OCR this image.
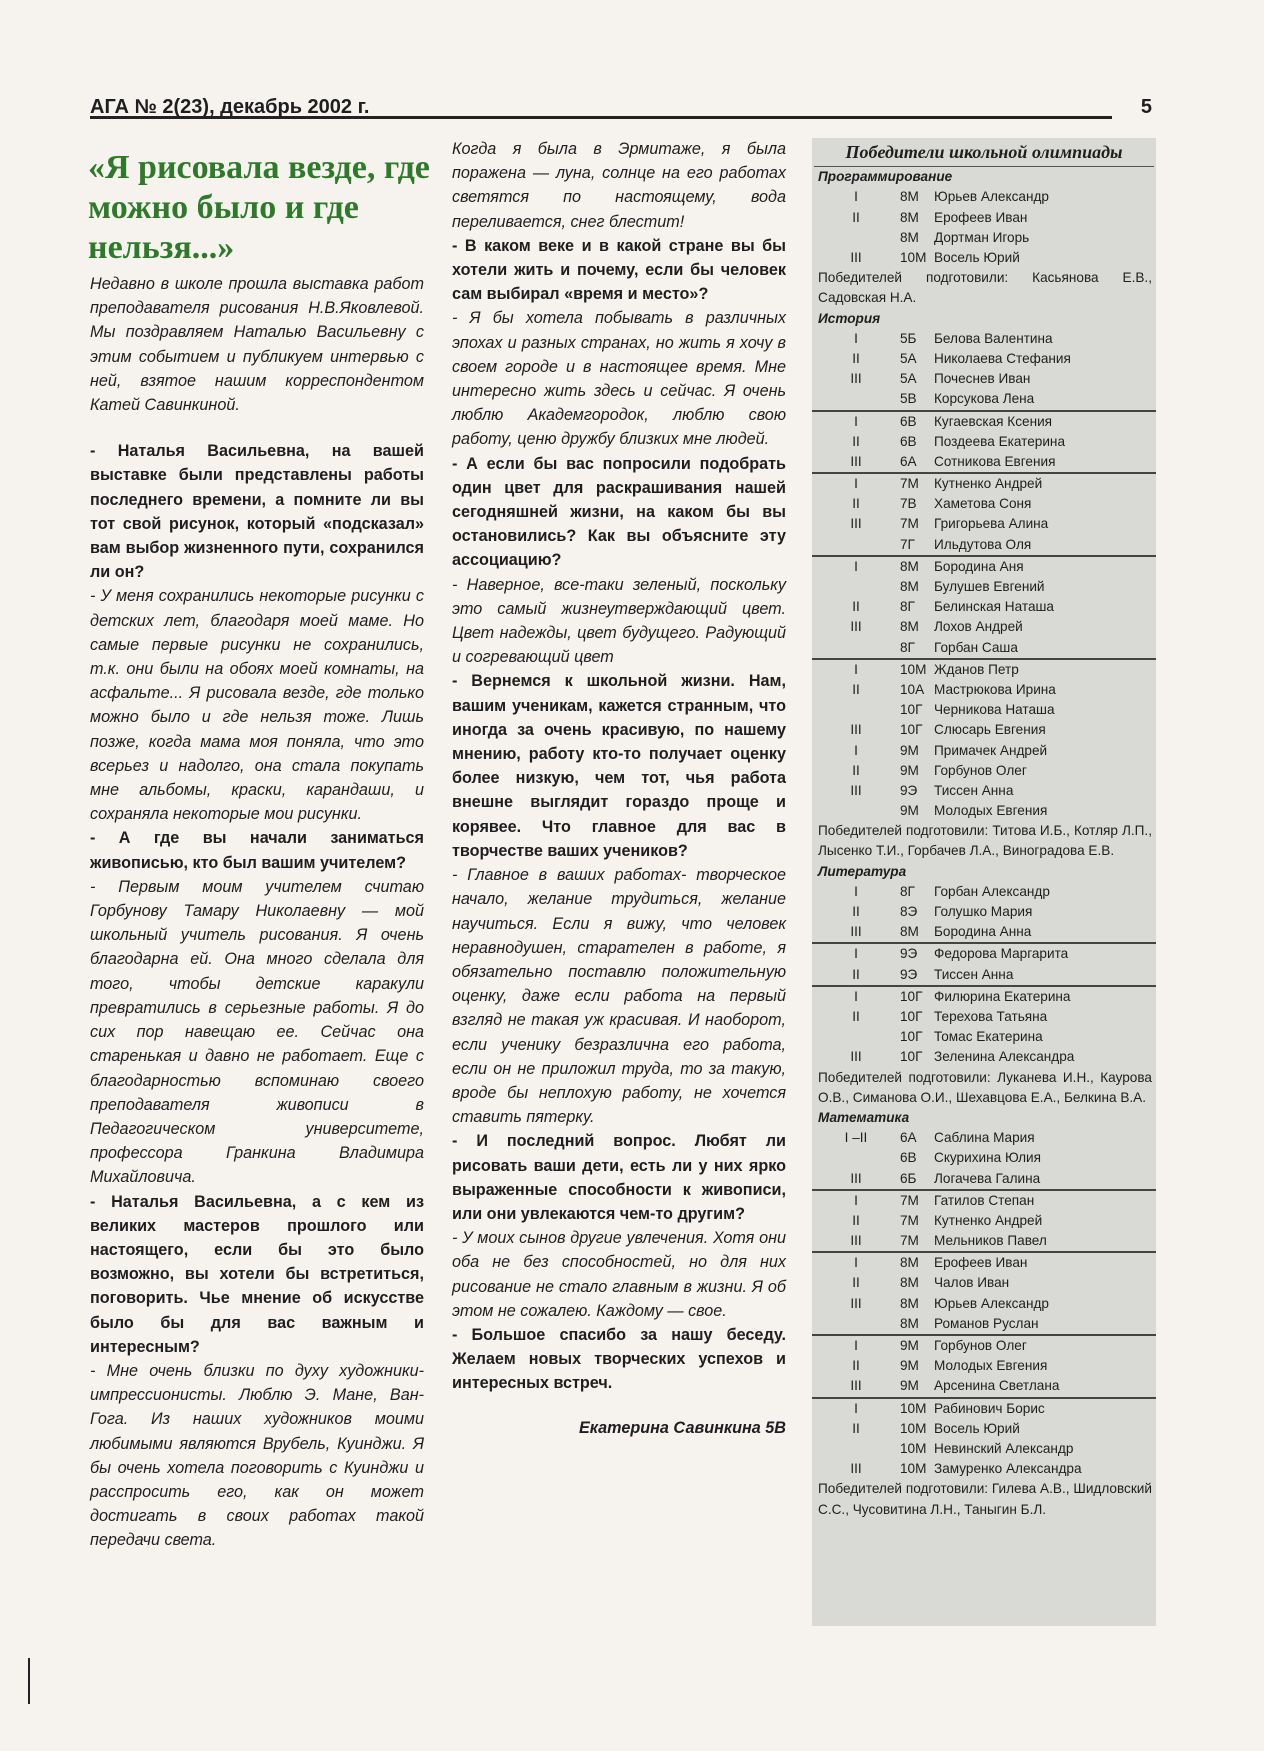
АГА № 2(23), декабрь 2002 г.	5
«Я рисовала везде, где можно было и где нельзя...»

Недавно в школе прошла выставка работ преподавателя рисования Н.В.Яковлевой. Мы поздравляем Наталью Васильевну с этим событием и публикуем интервью с ней, взятое нашим корреспондентом Катей Савинкиной.

- Наталья Васильевна, на вашей выставке были представлены работы последнего времени, а помните ли вы тот свой рисунок, который «подсказал» вам выбор жизненного пути, сохранился ли он?

- У меня сохранились некоторые рисунки с детских лет, благодаря моей маме. Но самые первые рисунки не сохранились, т.к. они были на обоях моей комнаты, на асфальте... Я рисовала везде, где только можно было и где нельзя тоже. Лишь позже, когда мама моя поняла, что это всерьез и надолго, она стала покупать мне альбомы, краски, карандаши, и сохраняла некоторые мои рисунки.

- А где вы начали заниматься живописью, кто был вашим учителем?

- Первым моим учителем считаю Горбунову Тамару Николаевну — мой школьный учитель рисования. Я очень благодарна ей. Она много сделала для того, чтобы детские каракули превратились в серьезные работы. Я до сих пор навещаю ее. Сейчас она старенькая и давно не работает. Еще с благодарностью вспоминаю своего преподавателя живописи в Педагогическом университете, профессора Гранкина Владимира Михайловича.

- Наталья Васильевна, а с кем из великих мастеров прошлого или настоящего, если бы это было возможно, вы хотели бы встретиться, поговорить. Чье мнение об искусстве было бы для вас важным и интересным?

- Мне очень близки по духу художники-импрессионисты. Люблю Э. Мане, Ван-Гога. Из наших художников моими любимыми являются Врубель, Куинджи. Я бы очень хотела поговорить с Куинджи и расспросить его, как он может достигать в своих работах такой передачи света.

Когда я была в Эрмитаже, я была поражена — луна, солнце на его работах светятся по настоящему, вода переливается, снег блестит!

- В каком веке и в какой стране вы бы хотели жить и почему, если бы человек сам выбирал «время и место»?

- Я бы хотела побывать в различных эпохах и разных странах, но жить я хочу в своем городе и в настоящее время. Мне интересно жить здесь и сейчас. Я очень люблю Академгородок, люблю свою работу, ценю дружбу близких мне людей.

- А если бы вас попросили подобрать один цвет для раскрашивания нашей сегодняшней жизни, на каком бы вы остановились? Как вы объясните эту ассоциацию?

- Наверное, все-таки зеленый, поскольку это самый жизнеутверждающий цвет. Цвет надежды, цвет будущего. Радующий и согревающий цвет

- Вернемся к школьной жизни. Нам, вашим ученикам, кажется странным, что иногда за очень красивую, по нашему мнению, работу кто-то получает оценку более низкую, чем тот, чья работа внешне выглядит гораздо проще и корявее. Что главное для вас в творчестве ваших учеников?

- Главное в ваших работах- творческое начало, желание трудиться, желание научиться. Если я вижу, что человек неравнодушен, старателен в работе, я обязательно поставлю положительную оценку, даже если работа на первый взгляд не такая уж красивая. И наоборот, если ученику безразлична его работа, если он не приложил труда, то за такую, вроде бы неплохую работу, не хочется ставить пятерку.

- И последний вопрос. Любят ли рисовать ваши дети, есть ли у них ярко выраженные способности к живописи, или они увлекаются чем-то другим?

- У моих сынов другие увлечения. Хотя они оба не без способностей, но для них рисование не стало главным в жизни. Я об этом не сожалею. Каждому — свое.

- Большое спасибо за нашу беседу. Желаем новых творческих успехов и интересных встреч.

Екатерина Савинкина 5В

Победители школьной олимпиады
Программирование
I	8М	Юрьев Александр
II	8М	Ерофеев Иван
8М	Дортман Игорь
III	10М Восель Юрий
Победителей подготовили: Касьянова Е.В., Садовская Н.А.
История
I	5Б	Белова Валентина
II	5А	Николаева Стефания
III	5А	Почеснев Иван
5В	Корсукова Лена
I	6В	Кугаевская Ксения
II	6В	Поздеева Екатерина
III	6А	Сотникова Евгения
I	7М	Кутненко Андрей
II	7В	Хаметова Соня
III	7М	Григорьева Алина
7Г	Ильдутова Оля
I	8М	Бородина Аня
8М	Булушев Евгений
II	8Г	Белинская Наташа
III	8М	Лохов Андрей
8Г	Горбан Саша
I	10М Жданов Петр
II	10А Мастрюкова Ирина
10Г Черникова Наташа
III	10Г Слюсарь Евгения
I	9М	Примачек Андрей
II	9М	Горбунов Олег
III	9Э	Тиссен Анна
9М	Молодых Евгения
Победителей подготовили: Титова И.Б., Котляр Л.П., Лысенко Т.И., Горбачев Л.А., Виноградова Е.В.
Литература
I	8Г	Горбан Александр
II	8Э	Голушко Мария
III	8М	Бородина Анна
I	9Э	Федорова Маргарита
II	9Э	Тиссен Анна
I	10Г Филюрина Екатерина
II	10Г Терехова Татьяна
10Г Томас Екатерина
III	10Г Зеленина Александра
Победителей подготовили: Луканева И.Н., Каурова О.В., Симанова О.И., Шехавцова Е.А., Белкина В.А.
Математика
I –II	6А	Саблина Мария
6В	Скурихина Юлия
III	6Б	Логачева Галина
I	7М	Гатилов Степан
II	7М	Кутненко Андрей
III	7М	Мельников Павел
I	8М	Ерофеев Иван
II	8М	Чалов Иван
III	8М	Юрьев Александр
8М	Романов Руслан
I	9М	Горбунов Олег
II	9М	Молодых Евгения
III	9М	Арсенина Светлана
I	10М Рабинович Борис
II	10М Восель Юрий
10М Невинский Александр
III	10М Замуренко Александра
Победителей подготовили: Гилева А.В., Шидловский С.С., Чусовитина Л.Н., Таныгин Б.Л.
